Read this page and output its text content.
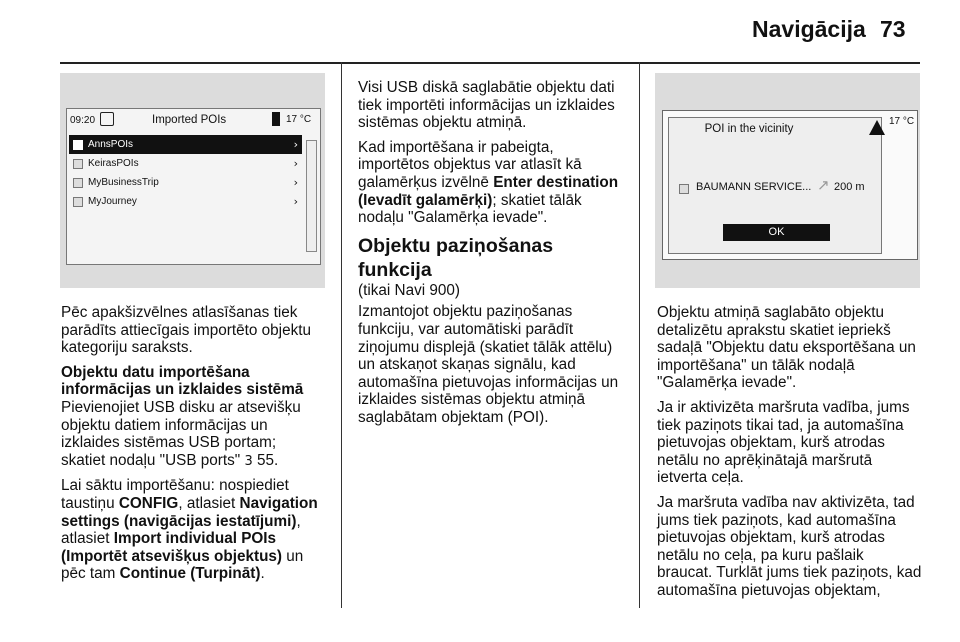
Navigācija 73
09:20	Imported POIs	17 °C
AnnsPOIs	›
KeirasPOIs	›
MyBusinessTrip	›
MyJourney	›

Pēc apakšizvēlnes atlasīšanas tiek parādīts attiecīgais importēto objektu kategoriju saraksts.

Objektu datu importēšana informācijas un izklaides sistēmā

Pievienojiet USB disku ar atsevišķu objektu datiem informācijas un izklaides sistēmas USB portam; skatiet nodaļu "USB ports" 3 55.

Lai sāktu importēšanu: nospiediet taustiņu CONFIG, atlasiet Navigation settings (navigācijas iestatījumi), atlasiet Import individual POIs (Importēt atsevišķus objektus) un pēc tam Continue (Turpināt).

Visi USB diskā saglabātie objektu dati tiek importēti informācijas un izklaides sistēmas objektu atmiņā.

Kad importēšana ir pabeigta, importētos objektus var atlasīt kā galamērķus izvēlnē Enter destination (Ievadīt galamērķi); skatiet tālāk nodaļu "Galamērķa ievade".

Objektu paziņošanas funkcija

(tikai Navi 900)

Izmantojot objektu paziņošanas funkciju, var automātiski parādīt ziņojumu displejā (skatiet tālāk attēlu) un atskaņot skaņas signālu, kad automašīna pietuvojas informācijas un izklaides sistēmas objektu atmiņā saglabātam objektam (POI).

POI in the vicinity
BAUMANN SERVICE... ↗ 200 m
OK
17 °C

Objektu atmiņā saglabāto objektu detalizētu aprakstu skatiet iepriekš sadaļā "Objektu datu eksportēšana un importēšana" un tālāk nodaļā "Galamērķa ievade".

Ja ir aktivizēta maršruta vadība, jums tiek paziņots tikai tad, ja automašīna pietuvojas objektam, kurš atrodas netālu no aprēķinātajā maršrutā ietverta ceļa.

Ja maršruta vadība nav aktivizēta, tad jums tiek paziņots, kad automašīna pietuvojas objektam, kurš atrodas netālu no ceļa, pa kuru pašlaik braucat. Turklāt jums tiek paziņots, kad automašīna pietuvojas objektam,
